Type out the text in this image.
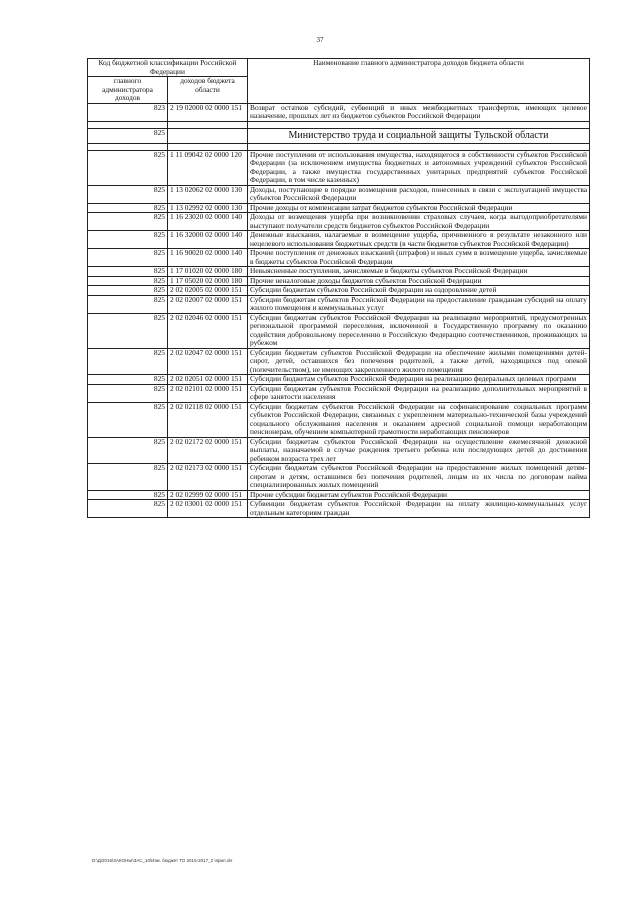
37
Код бюджетной классификации Российской Федерации		Наименование главного администратора доходов бюджета области
главного администратора доходов	доходов бюджета области	
823	2 19 02000 02 0000 151	Возврат остатков субсидий, субвенций и иных межбюджетных трансфертов, имеющих целевое назначение, прошлых лет из бюджетов субъектов Российской Федерации

825		Министерство труда и социальной защиты Тульской области

825	1 11 09042 02 0000 120	Прочие поступления от использования имущества, находящегося в собственности субъектов Российской Федерации (за исключением имущества бюджетных и автономных учреждений субъектов Российской Федерации, а также имущества государственных унитарных предприятий субъектов Российской Федерации, в том числе казенных)
825	1 13 02062 02 0000 130	Доходы, поступающие в порядке возмещения расходов, понесенных в связи с эксплуатацией имущества субъектов Российской Федерации
825	1 13 02992 02 0000 130	Прочие доходы от компенсации затрат бюджетов субъектов Российской Федерации
825	1 16 23020 02 0000 140	Доходы от возмещения ущерба при возникновении страховых случаев, когда выгодоприобретателями выступают получатели средств бюджетов субъектов Российской Федерации
825	1 16 32000 02 0000 140	Денежные взыскания, налагаемые в возмещение ущерба, причиненного в результате незаконного или нецелевого использования бюджетных средств (в части бюджетов субъектов Российской Федерации)
825	1 16 90020 02 0000 140	Прочие поступления от денежных взысканий (штрафов) и иных сумм в возмещение ущерба, зачисляемые в бюджеты субъектов Российской Федерации
825	1 17 01020 02 0000 180	Невыясненные поступления, зачисляемые в бюджеты субъектов Российской Федерации
825	1 17 05020 02 0000 180	Прочие неналоговые доходы бюджетов субъектов Российской Федерации
825	2 02 02005 02 0000 151	Субсидии бюджетам субъектов Российской Федерации на оздоровление детей
825	2 02 02007 02 0000 151	Субсидии бюджетам субъектов Российской Федерации на предоставление гражданам субсидий на оплату жилого помещения и коммунальных услуг
825	2 02 02046 02 0000 151	Субсидии бюджетам субъектов Российской Федерации на реализацию мероприятий, предусмотренных региональной программой переселения, включенной в Государственную программу по оказанию содействия добровольному переселению в Российскую Федерацию соотечественников, проживающих за рубежом
825	2 02 02047 02 0000 151	Субсидии бюджетам субъектов Российской Федерации на обеспечение жилыми помещениями детей-сирот, детей, оставшихся без попечения родителей, а также детей, находящихся под опекой (попечительством), не имеющих закрепленного жилого помещения
825	2 02 02051 02 0000 151	Субсидии бюджетам субъектов Российской Федерации на реализацию федеральных целевых программ
825	2 02 02101 02 0000 151	Субсидии бюджетам субъектов Российской Федерации на реализацию дополнительных мероприятий в сфере занятости населения
825	2 02 02118 02 0000 151	Субсидии бюджетам субъектов Российской Федерации на софинансирование социальных программ субъектов Российской Федерации, связанных с укреплением материально-технической базы учреждений социального обслуживания населения и оказанием адресной социальной помощи неработающим пенсионерам, обучением компьютерной грамотности неработающих пенсионеров
825	2 02 02172 02 0000 151	Субсидии бюджетам субъектов Российской Федерации на осуществление ежемесячной денежной выплаты, назначаемой в случае рождения третьего ребенка или последующих детей до достижения ребенком возраста трех лет
825	2 02 02173 02 0000 151	Субсидии бюджетам субъектов Российской Федерации на предоставление жилых помещений детям-сиротам и детям, оставшимся без попечения родителей, лицам из их числа по договорам найма специализированных жилых помещений
825	2 02 02999 02 0000 151	Прочие субсидии бюджетам субъектов Российской Федерации
825	2 02 03001 02 0000 151	Субвенции бюджетам субъектов Российской Федерации на оплату жилищно-коммунальных услуг отдельным категориям граждан
D:\Д\2015\ЗАКОНЫ\ЗАС_10\Изм. бюджет ТО 2015-2017_2 \прил.xls
